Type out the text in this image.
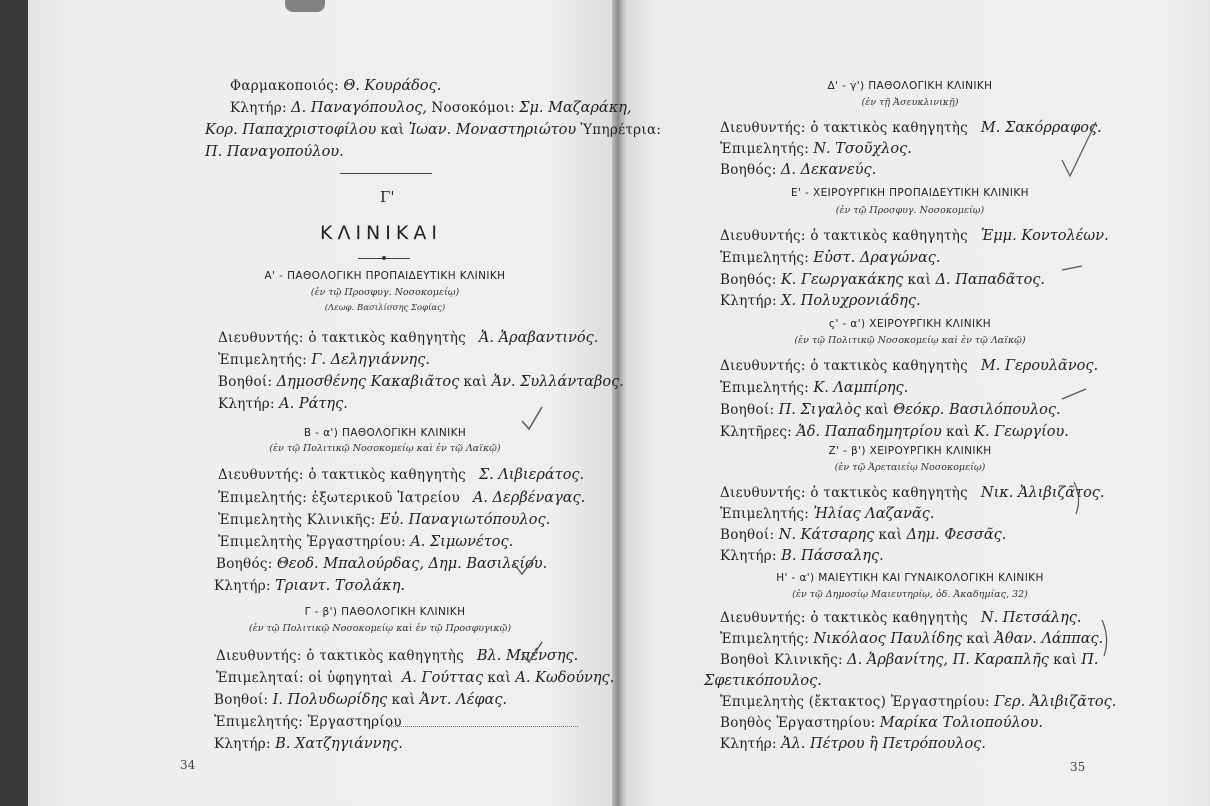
Φαρμακοποιός: Θ. Κουράδος.
Κλητήρ: Δ. Παναγόπουλος, Νοσοκόμοι: Σμ. Μαζαράκη,
Κορ. Παπαχριστοφίλου καὶ Ἰωαν. Μοναστηριώτου Ὑπηρέτρια:
Π. Παναγοπούλου.
Γ'
ΚΛΙΝΙΚΑΙ
Α' - ΠΑΘΟΛΟΓΙΚΗ ΠΡΟΠΑΙΔΕΥΤΙΚΗ ΚΛΙΝΙΚΗ
(ἐν τῷ Προσφυγ. Νοσοκομείῳ)
(Λεωφ. Βασιλίσσης Σοφίας)
Διευθυντής: ὁ τακτικὸς καθηγητὴς Ἀ. Ἀραβαντινός.
Ἐπιμελητής: Γ. Δεληγιάννης.
Βοηθοί: Δημοσθένης Κακαβιᾶτος καὶ Ἀν. Συλλάνταβος.
Κλητήρ: Α. Ράτης.
Β - α') ΠΑΘΟΛΟΓΙΚΗ ΚΛΙΝΙΚΗ
(ἐν τῷ Πολιτικῷ Νοσοκομείῳ καὶ ἐν τῷ Λαϊκῷ)
Διευθυντής: ὁ τακτικὸς καθηγητὴς Σ. Λιβιεράτος.
Ἐπιμελητής: ἐξωτερικοῦ Ἰατρείου Α. Δερβέναγας.
Ἐπιμελητὴς Κλινικῆς: Εὐ. Παναγιωτόπουλος.
Ἐπιμελητὴς Ἐργαστηρίου: Α. Σιμωνέτος.
Βοηθός: Θεοδ. Μπαλούρδας, Δημ. Βασιλείου.
Κλητήρ: Τριαντ. Τσολάκη.
Γ - β') ΠΑΘΟΛΟΓΙΚΗ ΚΛΙΝΙΚΗ
(ἐν τῷ Πολιτικῷ Νοσοκομείῳ καὶ ἐν τῷ Προσφυγικῷ)
Διευθυντής: ὁ τακτικὸς καθηγητὴς Βλ. Μπένσης.
Ἐπιμεληταί: οἱ ὑφηγηταὶ Α. Γούττας καὶ Α. Κωδούνης.
Βοηθοί: Ι. Πολυδωρίδης καὶ Ἀντ. Λέφας.
Ἐπιμελητής: Ἐργαστηρίου
Κλητήρ: Β. Χατζηγιάννης.
34
Δ' - γ') ΠΑΘΟΛΟΓΙΚΗ ΚΛΙΝΙΚΗ
(ἐν τῇ Ἀσευκλινικῇ)
Διευθυντής: ὁ τακτικὸς καθηγητὴς Μ. Σακόρραφος.
Ἐπιμελητής: Ν. Τσοῦχλος.
Βοηθός: Δ. Δεκανεύς.
Ε' - ΧΕΙΡΟΥΡΓΙΚΗ ΠΡΟΠΑΙΔΕΥΤΙΚΗ ΚΛΙΝΙΚΗ
(ἐν τῷ Προσφυγ. Νοσοκομείῳ)
Διευθυντής: ὁ τακτικὸς καθηγητὴς Ἐμμ. Κοντολέων.
Ἐπιμελητής: Εὐστ. Δραγώνας.
Βοηθός: Κ. Γεωργακάκης καὶ Δ. Παπαδᾶτος.
Κλητήρ: Χ. Πολυχρονιάδης.
ς' - α') ΧΕΙΡΟΥΡΓΙΚΗ ΚΛΙΝΙΚΗ
(ἐν τῷ Πολιτικῷ Νοσοκομείῳ καὶ ἐν τῷ Λαϊκῷ)
Διευθυντής: ὁ τακτικὸς καθηγητὴς Μ. Γερουλᾶνος.
Ἐπιμελητής: Κ. Λαμπίρης.
Βοηθοί: Π. Σιγαλὸς καὶ Θεόκρ. Βασιλόπουλος.
Κλητῆρες: Ἀδ. Παπαδημητρίου καὶ Κ. Γεωργίου.
Ζ' - β') ΧΕΙΡΟΥΡΓΙΚΗ ΚΛΙΝΙΚΗ
(ἐν τῷ Ἀρεταιείῳ Νοσοκομείῳ)
Διευθυντής: ὁ τακτικὸς καθηγητὴς Νικ. Ἀλιβιζᾶτος.
Ἐπιμελητής: Ἠλίας Λαζανᾶς.
Βοηθοί: Ν. Κάτσαρης καὶ Δημ. Φεσσᾶς.
Κλητήρ: Β. Πάσσαλης.
Η' - α') ΜΑΙΕΥΤΙΚΗ ΚΑΙ ΓΥΝΑΙΚΟΛΟΓΙΚΗ ΚΛΙΝΙΚΗ
(ἐν τῷ Δημοσίῳ Μαιευτηρίῳ, ὁδ. Ἀκαδημίας, 32)
Διευθυντής: ὁ τακτικὸς καθηγητὴς Ν. Πετσάλης.
Ἐπιμελητής: Νικόλαος Παυλίδης καὶ Ἀθαν. Λάππας.
Βοηθοὶ Κλινικῆς: Δ. Ἀρβανίτης, Π. Καραπλῆς καὶ Π.
Σφετικόπουλος.
Ἐπιμελητὴς (ἔκτακτος) Ἐργαστηρίου: Γερ. Ἀλιβιζᾶτος.
Βοηθὸς Ἐργαστηρίου: Μαρίκα Τολιοπούλου.
Κλητήρ: Ἀλ. Πέτρου ἢ Πετρόπουλος.
35
